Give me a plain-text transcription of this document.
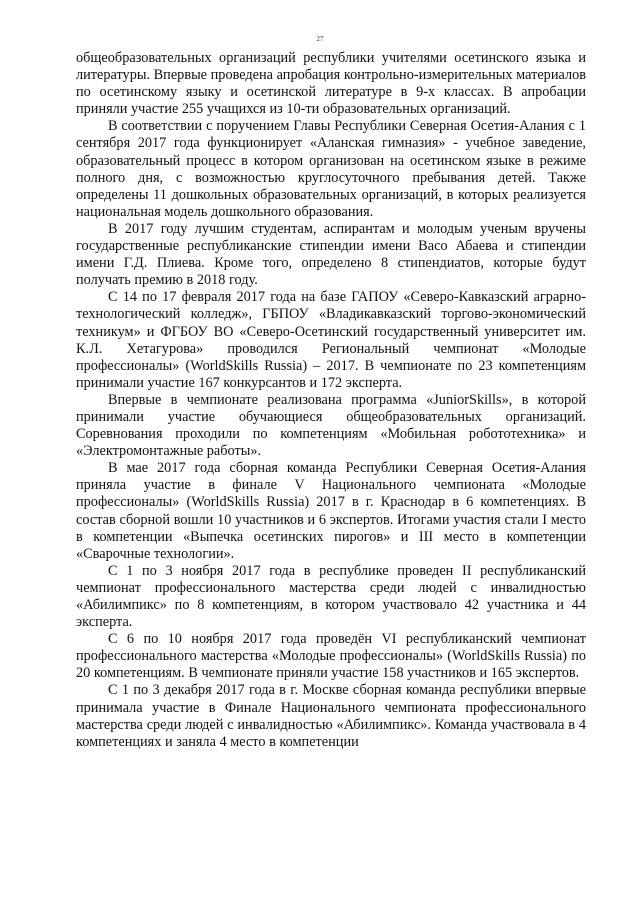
27

общеобразовательных организаций республики учителями осетинского языка и литературы. Впервые проведена апробация контрольно-измерительных материалов по осетинскому языку и осетинской литературе в 9-х классах. В апробации приняли участие 255 учащихся из 10-ти образовательных организаций.

В соответствии с поручением Главы Республики Северная Осетия-Алания с 1 сентября 2017 года функционирует «Аланская гимназия» - учебное заведение, образовательный процесс в котором организован на осетинском языке в режиме полного дня, с возможностью круглосуточного пребывания детей. Также определены 11 дошкольных образовательных организаций, в которых реализуется национальная модель дошкольного образования.

В 2017 году лучшим студентам, аспирантам и молодым ученым вручены государственные республиканские стипендии имени Васо Абаева и стипендии имени Г.Д. Плиева. Кроме того, определено 8 стипендиатов, которые будут получать премию в 2018 году.

С 14 по 17 февраля 2017 года на базе ГАПОУ «Северо-Кавказский аграрно-технологический колледж», ГБПОУ «Владикавказский торгово-экономический техникум» и ФГБОУ ВО «Северо-Осетинский государственный университет им. К.Л. Хетагурова» проводился Региональный чемпионат «Молодые профессионалы» (WorldSkills Russia) – 2017. В чемпионате по 23 компетенциям принимали участие 167 конкурсантов и 172 эксперта.

Впервые в чемпионате реализована программа «JuniorSkills», в которой принимали участие обучающиеся общеобразовательных организаций. Соревнования проходили по компетенциям «Мобильная робототехника» и «Электромонтажные работы».

В мае 2017 года сборная команда Республики Северная Осетия-Алания приняла участие в финале V Национального чемпионата «Молодые профессионалы» (WorldSkills Russia) 2017 в г. Краснодар в 6 компетенциях. В состав сборной вошли 10 участников и 6 экспертов. Итогами участия стали I место в компетенции «Выпечка осетинских пирогов» и III место в компетенции «Сварочные технологии».

С 1 по 3 ноября 2017 года в республике проведен II республиканский чемпионат профессионального мастерства среди людей с инвалидностью «Абилимпикс» по 8 компетенциям, в котором участвовало 42 участника и 44 эксперта.

С 6 по 10 ноября 2017 года проведён VI республиканский чемпионат профессионального мастерства «Молодые профессионалы» (WorldSkills Russia) по 20 компетенциям. В чемпионате приняли участие 158 участников и 165 экспертов.

С 1 по 3 декабря 2017 года в г. Москве сборная команда республики впервые принимала участие в Финале Национального чемпионата профессионального мастерства среди людей с инвалидностью «Абилимпикс». Команда участвовала в 4 компетенциях и заняла 4 место в компетенции
